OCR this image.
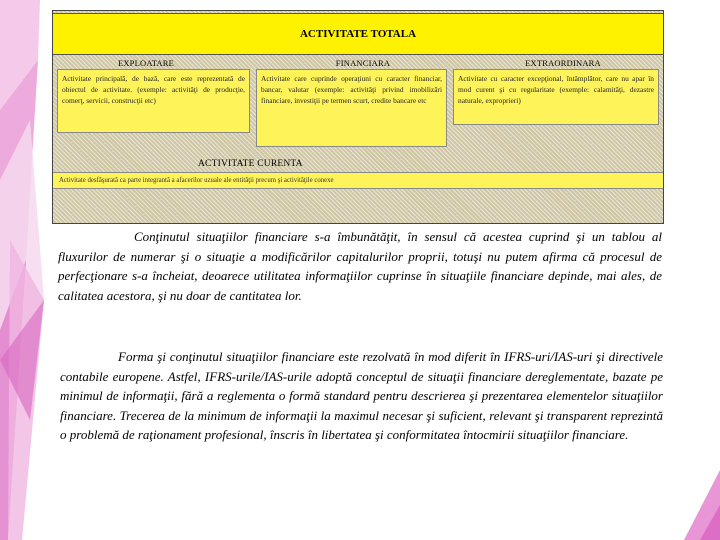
ACTIVITATE TOTALA
EXPLOATARE	FINANCIARA	EXTRAORDINARA

Activitate principală, de bază, care este reprezentată de obiectul de activitate. (exemple: activităţi de producţie, comerţ, servicii, construcţii etc)

Activitate care cuprinde operaţiuni cu caracter financiar, bancar, valutar (exemple: activităţi privind imobilizări financiare, investiţii pe termen scurt, credite bancare etc

Activitate cu caracter excepţional, întâmplător, care nu apar în mod curent şi cu regularitate (exemple: calamităţi, dezastre naturale, exproprieri)

ACTIVITATE CURENTA

Activitate desfăşurată ca parte integrantă a afacerilor uzuale ale entităţii precum şi activităţile conexe

Conţinutul situaţiilor financiare s-a îmbunătăţit, în sensul că acestea cuprind şi un tablou al fluxurilor de numerar şi o situaţie a modificărilor capitalurilor proprii, totuşi nu putem afirma că procesul de perfecţionare s-a încheiat, deoarece utilitatea informaţiilor cuprinse în situaţiile financiare depinde, mai ales, de calitatea acestora, şi nu doar de cantitatea lor.

Forma şi conţinutul situaţiilor financiare este rezolvată în mod diferit în IFRS-uri/IAS-uri şi directivele contabile europene. Astfel, IFRS-urile/IAS-urile adoptă conceptul de situaţii financiare dereglementate, bazate pe minimul de informaţii, fără a reglementa o formă standard pentru descrierea şi prezentarea elementelor situaţiilor financiare. Trecerea de la minimum de informaţii la maximul necesar şi suficient, relevant şi transparent reprezintă o problemă de raţionament profesional, înscris în libertatea şi conformitatea întocmirii situaţiilor financiare.
